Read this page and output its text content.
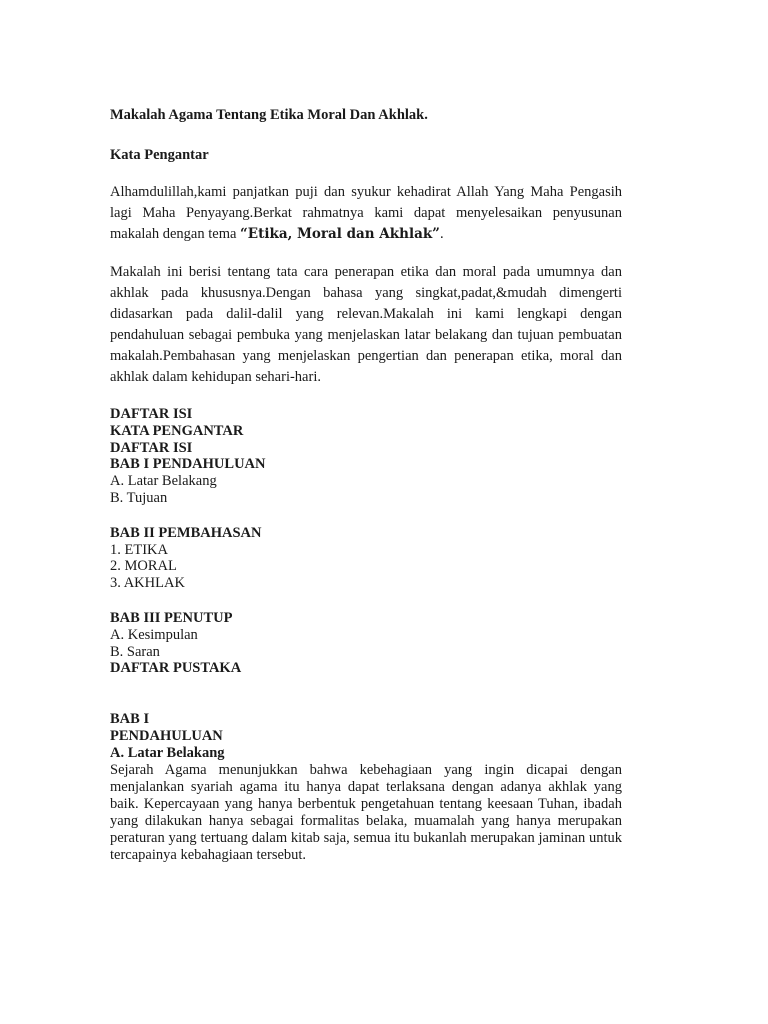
Makalah Agama Tentang Etika Moral Dan Akhlak.

Kata Pengantar

Alhamdulillah,kami panjatkan puji dan syukur kehadirat Allah Yang Maha Pengasih lagi Maha Penyayang.Berkat rahmatnya kami dapat menyelesaikan penyusunan makalah dengan tema “Etika, Moral dan Akhlak”.

Makalah ini berisi tentang tata cara penerapan etika dan moral pada umumnya dan akhlak pada khususnya.Dengan bahasa yang singkat,padat,&mudah dimengerti didasarkan pada dalil-dalil yang relevan.Makalah ini kami lengkapi dengan pendahuluan sebagai pembuka yang menjelaskan latar belakang dan tujuan pembuatan makalah.Pembahasan yang menjelaskan pengertian dan penerapan etika, moral dan akhlak dalam kehidupan sehari-hari.

DAFTAR ISI
KATA PENGANTAR
DAFTAR ISI
BAB I PENDAHULUAN
A. Latar Belakang
B. Tujuan
BAB II PEMBAHASAN
1. ETIKA
2. MORAL
3. AKHLAK
BAB III PENUTUP
A. Kesimpulan
B. Saran
DAFTAR PUSTAKA
BAB I
PENDAHULUAN
A. Latar Belakang

Sejarah Agama menunjukkan bahwa kebehagiaan yang ingin dicapai dengan menjalankan syariah agama itu hanya dapat terlaksana dengan adanya akhlak yang baik. Kepercayaan yang hanya berbentuk pengetahuan tentang keesaan Tuhan, ibadah yang dilakukan hanya sebagai formalitas belaka, muamalah yang hanya merupakan peraturan yang tertuang dalam kitab saja, semua itu bukanlah merupakan jaminan untuk tercapainya kebahagiaan tersebut.
